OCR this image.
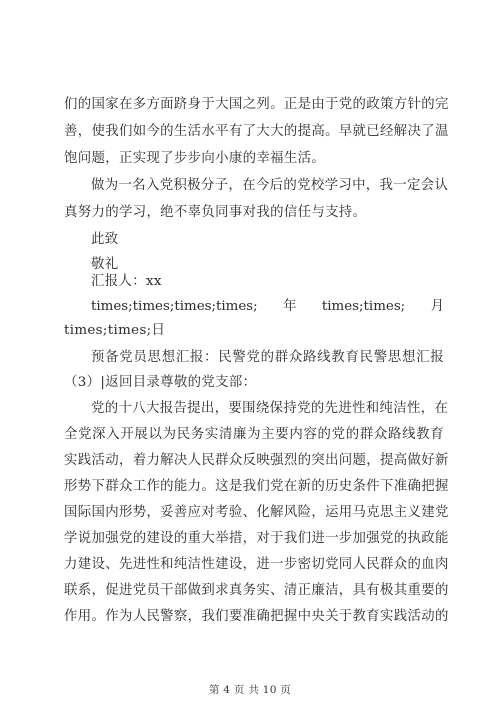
们的国家在多方面跻身于大国之列。正是由于党的政策方针的完
善，使我们如今的生活水平有了大大的提高。早就已经解决了温
饱问题，正实现了步步向小康的幸福生活。
做为一名入党积极分子，在今后的党校学习中，我一定会认
真努力的学习，绝不辜负同事对我的信任与支持。
此致
敬礼
汇报人：xx
times;times;times;times; 年 times;times; 月
times;times;日
预备党员思想汇报：民警党的群众路线教育民警思想汇报
（3）|返回目录尊敬的党支部：
党的十八大报告提出，要围绕保持党的先进性和纯洁性，在
全党深入开展以为民务实清廉为主要内容的党的群众路线教育
实践活动，着力解决人民群众反映强烈的突出问题，提高做好新
形势下群众工作的能力。这是我们党在新的历史条件下准确把握
国际国内形势，妥善应对考验、化解风险，运用马克思主义建党
学说加强党的建设的重大举措，对于我们进一步加强党的执政能
力建设、先进性和纯洁性建设，进一步密切党同人民群众的血肉
联系，促进党员干部做到求真务实、清正廉洁，具有极其重要的
作用。作为人民警察，我们要准确把握中央关于教育实践活动的
第 4 页 共 10 页
